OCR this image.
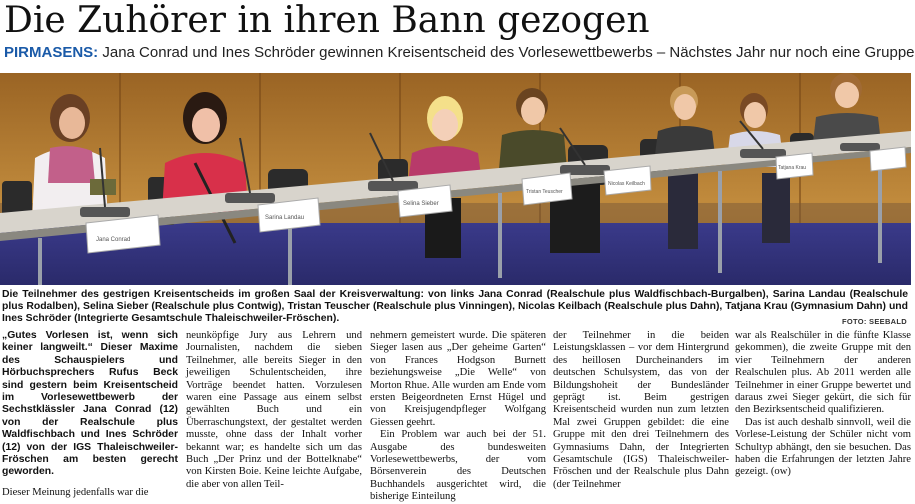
Die Zuhörer in ihren Bann gezogen
PIRMASENS: Jana Conrad und Ines Schröder gewinnen Kreisentscheid des Vorlesewettbewerbs – Nächstes Jahr nur noch eine Gruppe
Jana Conrad
Sarina Landau
Selina Sieber
Tristan Teuscher
Nicolas Keilbach
Tatjana Krau
Die Teilnehmer des gestrigen Kreisentscheids im großen Saal der Kreisverwaltung: von links Jana Conrad (Realschule plus Waldfischbach-Burgalben), Sarina Landau (Realschule plus Rodalben), Selina Sieber (Realschule plus Contwig), Tristan Teuscher (Realschule plus Vinningen), Nicolas Keilbach (Realschule plus Dahn), Tatjana Krau (Gymnasium Dahn) und Ines Schröder (Integrierte Gesamtschule Thaleischweiler-Fröschen).	FOTO: SEEBALD

„Gutes Vorlesen ist, wenn sich keiner langweilt.“ Dieser Maxime des Schauspielers und Hörbuchsprechers Rufus Beck sind gestern beim Kreisentscheid im Vorlesewettbewerb der Sechstklässler Jana Conrad (12) von der Realschule plus Waldfischbach und Ines Schröder (12) von der IGS Thaleischweiler-Fröschen am besten gerecht geworden.

Dieser Meinung jedenfalls war die

neunköpfige Jury aus Lehrern und Journalisten, nachdem die sieben Teilnehmer, alle bereits Sieger in den jeweiligen Schulentscheiden, ihre Vorträge beendet hatten. Vorzulesen waren eine Passage aus einem selbst gewählten Buch und ein Überraschungstext, der gestaltet werden musste, ohne dass der Inhalt vorher bekannt war; es handelte sich um das Buch „Der Prinz und der Bottelknabe“ von Kirsten Boie. Keine leichte Aufgabe, die aber von allen Teil-

nehmern gemeistert wurde. Die späteren Sieger lasen aus „Der geheime Garten“ von Frances Hodgson Burnett beziehungsweise „Die Welle“ von Morton Rhue. Alle wurden am Ende vom ersten Beigeordneten Ernst Hügel und von Kreisjugendpfleger Wolfgang Giessen geehrt.

Ein Problem war auch bei der 51. Ausgabe des bundesweiten Vorlesewettbewerbs, der vom Börsenverein des Deutschen Buchhandels ausgerichtet wird, die bisherige Einteilung

der Teilnehmer in die beiden Leistungsklassen – vor dem Hintergrund des heillosen Durcheinanders im deutschen Schulsystem, das von der Bildungshoheit der Bundesländer geprägt ist. Beim gestrigen Kreisentscheid wurden nun zum letzten Mal zwei Gruppen gebildet: die eine Gruppe mit den drei Teilnehmern des Gymnasiums Dahn, der Integrierten Gesamtschule (IGS) Thaleischweiler-Fröschen und der Realschule plus Dahn (der Teilnehmer

war als Realschüler in die fünfte Klasse gekommen), die zweite Gruppe mit den vier Teilnehmern der anderen Realschulen plus. Ab 2011 werden alle Teilnehmer in einer Gruppe bewertet und daraus zwei Sieger gekürt, die sich für den Bezirksentscheid qualifizieren.

Das ist auch deshalb sinnvoll, weil die Vorlese-Leistung der Schüler nicht vom Schultyp abhängt, den sie besuchen. Das haben die Erfahrungen der letzten Jahre gezeigt. (ow)
